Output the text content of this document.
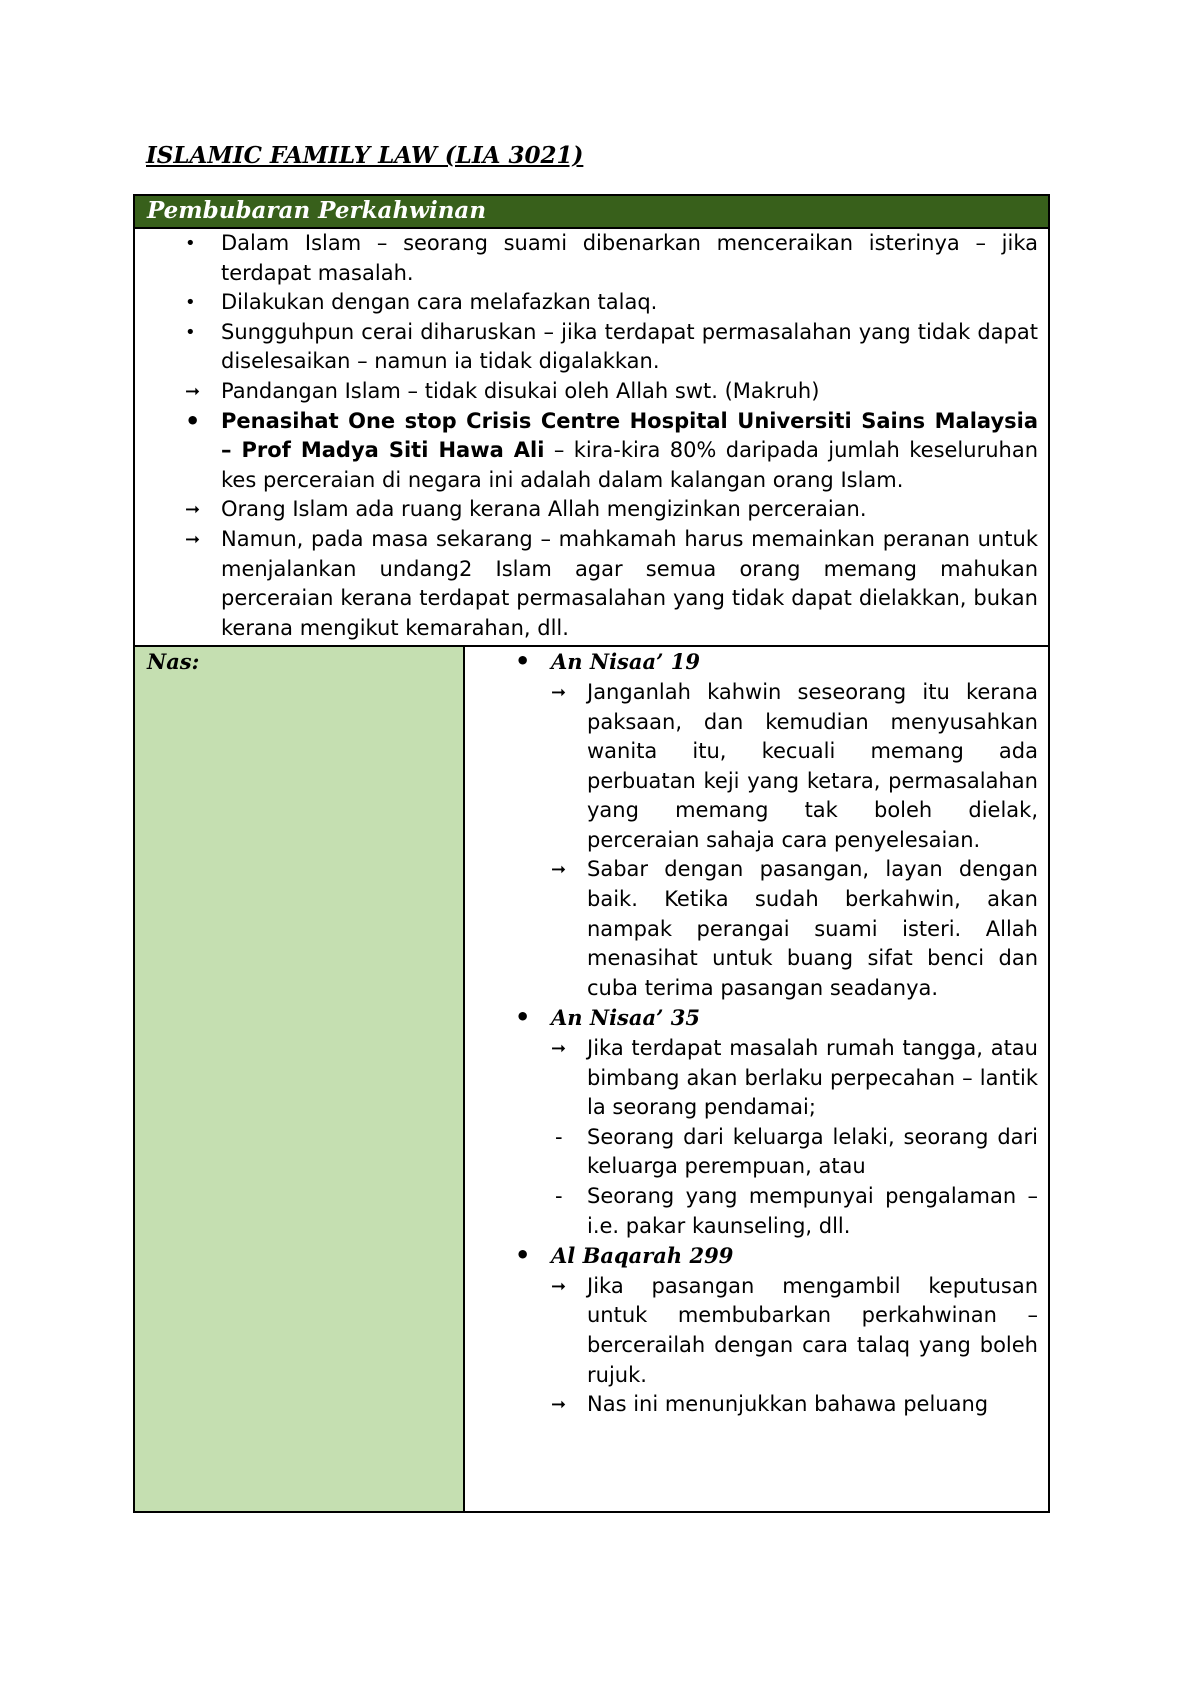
ISLAMIC FAMILY LAW (LIA 3021)
Pembubaran Perkahwinan

• Dalam Islam – seorang suami dibenarkan menceraikan isterinya – jika terdapat masalah.
• Dilakukan dengan cara melafazkan talaq.
• Sungguhpun cerai diharuskan – jika terdapat permasalahan yang tidak dapat diselesaikan – namun ia tidak digalakkan.
➞ Pandangan Islam – tidak disukai oleh Allah swt. (Makruh)
• Penasihat One stop Crisis Centre Hospital Universiti Sains Malaysia – Prof Madya Siti Hawa Ali – kira-kira 80% daripada jumlah keseluruhan kes perceraian di negara ini adalah dalam kalangan orang Islam.
➞ Orang Islam ada ruang kerana Allah mengizinkan perceraian.
➞ Namun, pada masa sekarang – mahkamah harus memainkan peranan untuk menjalankan undang2 Islam agar semua orang memang mahukan perceraian kerana terdapat permasalahan yang tidak dapat dielakkan, bukan kerana mengikut kemarahan, dll.

Nas:	
•An Nisaa’ 19
➞ Janganlah kahwin seseorang itu kerana paksaan, dan kemudian menyusahkan wanita itu, kecuali memang ada perbuatan keji yang ketara, permasalahan yang memang tak boleh dielak, perceraian sahaja cara penyelesaian.
➞ Sabar dengan pasangan, layan dengan baik. Ketika sudah berkahwin, akan nampak perangai suami isteri. Allah menasihat untuk buang sifat benci dan cuba terima pasangan seadanya.
• An Nisaa’ 35
➞ Jika terdapat masalah rumah tangga, atau bimbang akan berlaku perpecahan – lantik la seorang pendamai;
- Seorang dari keluarga lelaki, seorang dari keluarga perempuan, atau
- Seorang yang mempunyai pengalaman – i.e. pakar kaunseling, dll.
• Al Baqarah 299
➞ Jika pasangan mengambil keputusan untuk membubarkan perkahwinan – bercerailah dengan cara talaq yang boleh rujuk.
➞ Nas ini menunjukkan bahawa peluang
